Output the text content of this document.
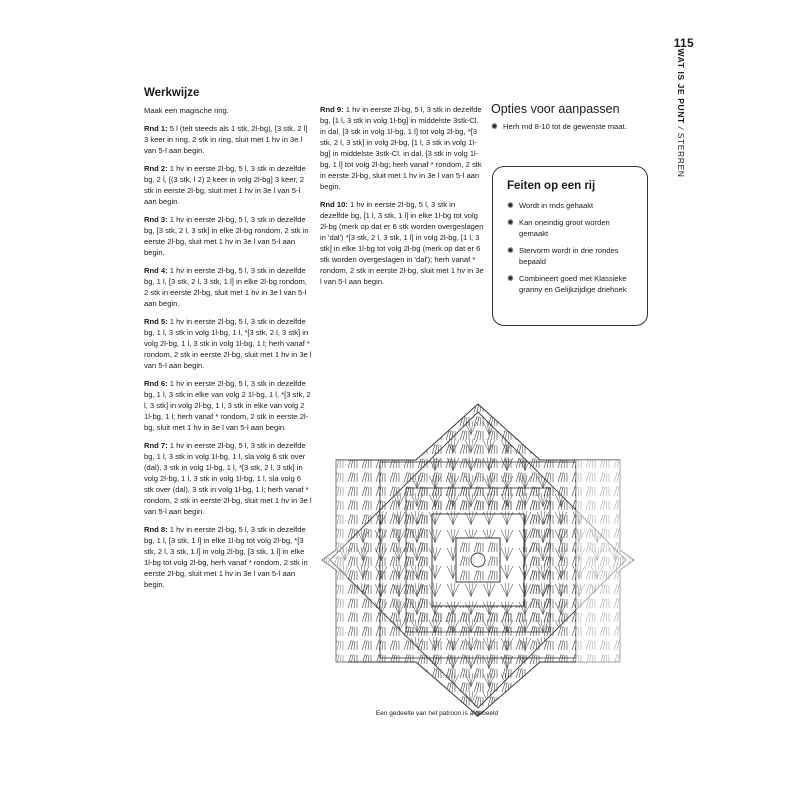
115
WAT IS JE PUNT/STERREN
Werkwijze
Maak een magische ring.
Rnd 1: 5 l (telt steeds als 1 stk, 2l-bg), [3 stk, 2 l] 3 keer in ring, 2 stk in ring, sluit met 1 hv in 3e l van 5-l aan begin.
Rnd 2: 1 hv in eerste 2l-bg, 5 l, 3 stk in dezelfde bg, 2 l, [(3 stk, l 2) 2 keer in volg 2l-bg] 3 keer, 2 stk in eerste 2l-bg, sluit met 1 hv in 3e l van 5-l aan begin.
Rnd 3: 1 hv in eerste 2l-bg, 5 l, 3 stk in dezelfde bg, [3 stk, 2 l, 3 stk] in elke 2l-bg rondom, 2 stk in eerste 2l-bg, sluit met 1 hv in 3e l van 5-l aan begin.
Rnd 4: 1 hv in eerste 2l-bg, 5 l, 3 stk in dezelfde bg, 1 l, [3 stk, 2 l, 3 stk, 1 l] in elke 2l-bg rondom, 2 stk in eerste 2l-bg, sluit met 1 hv in 3e l van 5-l aan begin.
Rnd 5: 1 hv in eerste 2l-bg, 5 l, 3 stk in dezelfde bg, 1 l, 3 stk in volg 1l-bg, 1 l, *[3 stk, 2 l, 3 stk] in volg 2l-bg, 1 l, 3 stk in volg 1l-bg, 1 l; herh vanaf * rondom, 2 stk in eerste 2l-bg, sluit met 1 hv in 3e l van 5-l aan begin.
Rnd 6: 1 hv in eerste 2l-bg, 5 l, 3 stk in dezelfde bg, 1 l, 3 stk in elke van volg 2 1l-bg, 1 l, *[3 stk, 2 l, 3 stk] in volg 2l-bg, 1 l, 3 stk in elke van volg 2 1l-bg, 1 l; herh vanaf * rondom, 2 stk in eerste 2l-bg, sluit met 1 hv in 3e l van 5-l aan begin.
Rnd 7: 1 hv in eerste 2l-bg, 5 l, 3 stk in dezelfde bg, 1 l, 3 stk in volg 1l-bg, 1 l, sla volg 6 stk over (dal), 3 stk in volg 1l-bg, 1 l, *[3 stk, 2 l, 3 stk] in volg 2l-bg, 1 l, 3 stk in volg 1l-bg, 1 l, sla volg 6 stk over (dal), 3 stk in volg 1l-bg, 1 l; herh vanaf * rondom, 2 stk in eerste 2l-bg, sluit met 1 hv in 3e l van 5-l aan begin.
Rnd 8: 1 hv in eerste 2l-bg, 5 l, 3 stk in dezelfde bg, 1 l, [3 stk, 1 l] in elke 1l-bg tot volg 2l-bg, *[3 stk, 2 l, 3 stk, 1 l] in volg 2l-bg, [3 stk, 1 l] in elke 1l-bg tot volg 2l-bg, herh vanaf * rondom, 2 stk in eerste 2l-bg, sluit met 1 hv in 3e l van 5-l aan begin.
Rnd 9: 1 hv in eerste 2l-bg, 5 l, 3 stk in dezelfde bg, [1 l, 3 stk in volg 1l-bg] in middelste 3stk-Cl. in dal, [3 stk in volg 1l-bg, 1 l] tot volg 2l-bg, *[3 stk, 2 l, 3 stk] in volg 2l-bg, [1 l, 3 stk in volg 1l-bg] in middelste 3stk-Cl. in dal, [3 stk in volg 1l-bg, 1 l] tot volg 2l-bg; herh vanaf * rondom, 2 stk in eerste 2l-bg, sluit met 1 hv in 3e l van 5-l aan begin.
Rnd 10: 1 hv in eerste 2l-bg, 5 l, 3 stk in dezelfde bg, [1 l, 3 stk, 1 l] in elke 1l-bg tot volg 2l-bg (merk op dat er 6 stk worden overgeslagen in 'dal') *[3 stk, 2 l, 3 stk, 1 l] in volg 2l-bg, [1 l, 3 stk] in elke 1l-bg tot volg 2l-bg (merk op dat er 6 stk worden overgeslagen in 'dal'); herh vanaf * rondom, 2 stk in eerste 2l-bg, sluit met 1 hv in 3e l van 5-l aan begin.
Opties voor aanpassen
✺ Herh rnd 8-10 tot de gewenste maat.
Feiten op een rij
✺ Wordt in rnds gehaakt
✺ Kan oneindig groot worden gemaakt
✺ Stervorm wordt in drie rondes bepaald
✺ Combineert goed met Klassieke granny en Gelijkzijdige driehoek
Een gedeelte van het patroon is afgebeeld
